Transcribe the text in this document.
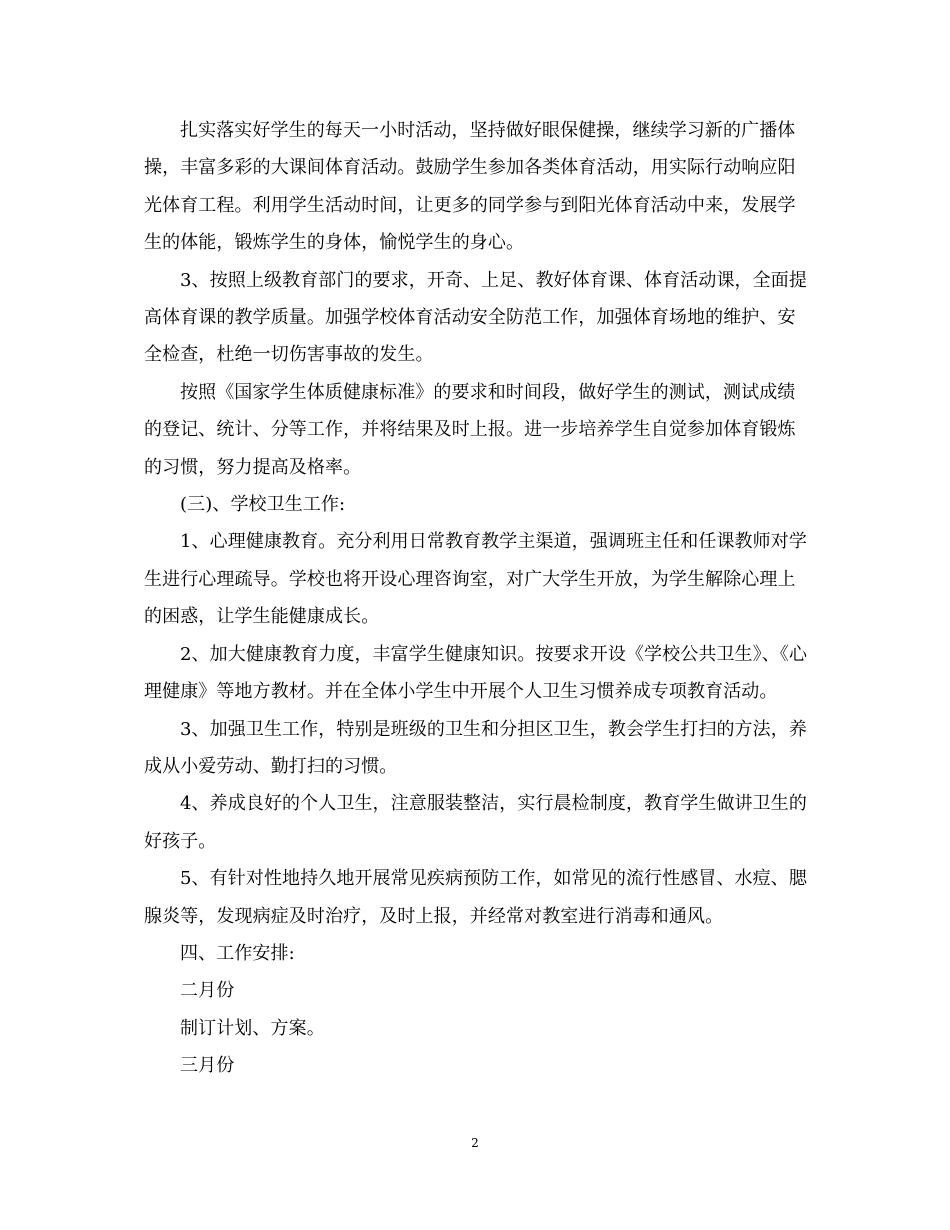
扎实落实好学生的每天一小时活动，坚持做好眼保健操，继续学习新的广播体操，丰富多彩的大课间体育活动。鼓励学生参加各类体育活动，用实际行动响应阳光体育工程。利用学生活动时间，让更多的同学参与到阳光体育活动中来，发展学生的体能，锻炼学生的身体，愉悦学生的身心。

3、按照上级教育部门的要求，开奇、上足、教好体育课、体育活动课，全面提高体育课的教学质量。加强学校体育活动安全防范工作，加强体育场地的维护、安全检查，杜绝一切伤害事故的发生。

按照《国家学生体质健康标准》的要求和时间段，做好学生的测试，测试成绩的登记、统计、分等工作，并将结果及时上报。进一步培养学生自觉参加体育锻炼的习惯，努力提高及格率。

(三)、学校卫生工作:

1、心理健康教育。充分利用日常教育教学主渠道，强调班主任和任课教师对学生进行心理疏导。学校也将开设心理咨询室，对广大学生开放，为学生解除心理上的困惑，让学生能健康成长。

2、加大健康教育力度，丰富学生健康知识。按要求开设《学校公共卫生》、《心理健康》等地方教材。并在全体小学生中开展个人卫生习惯养成专项教育活动。

3、加强卫生工作，特别是班级的卫生和分担区卫生，教会学生打扫的方法，养成从小爱劳动、勤打扫的习惯。

4、养成良好的个人卫生，注意服装整洁，实行晨检制度，教育学生做讲卫生的好孩子。

5、有针对性地持久地开展常见疾病预防工作，如常见的流行性感冒、水痘、腮腺炎等，发现病症及时治疗，及时上报，并经常对教室进行消毒和通风。

四、工作安排:

二月份

制订计划、方案。

三月份

2
